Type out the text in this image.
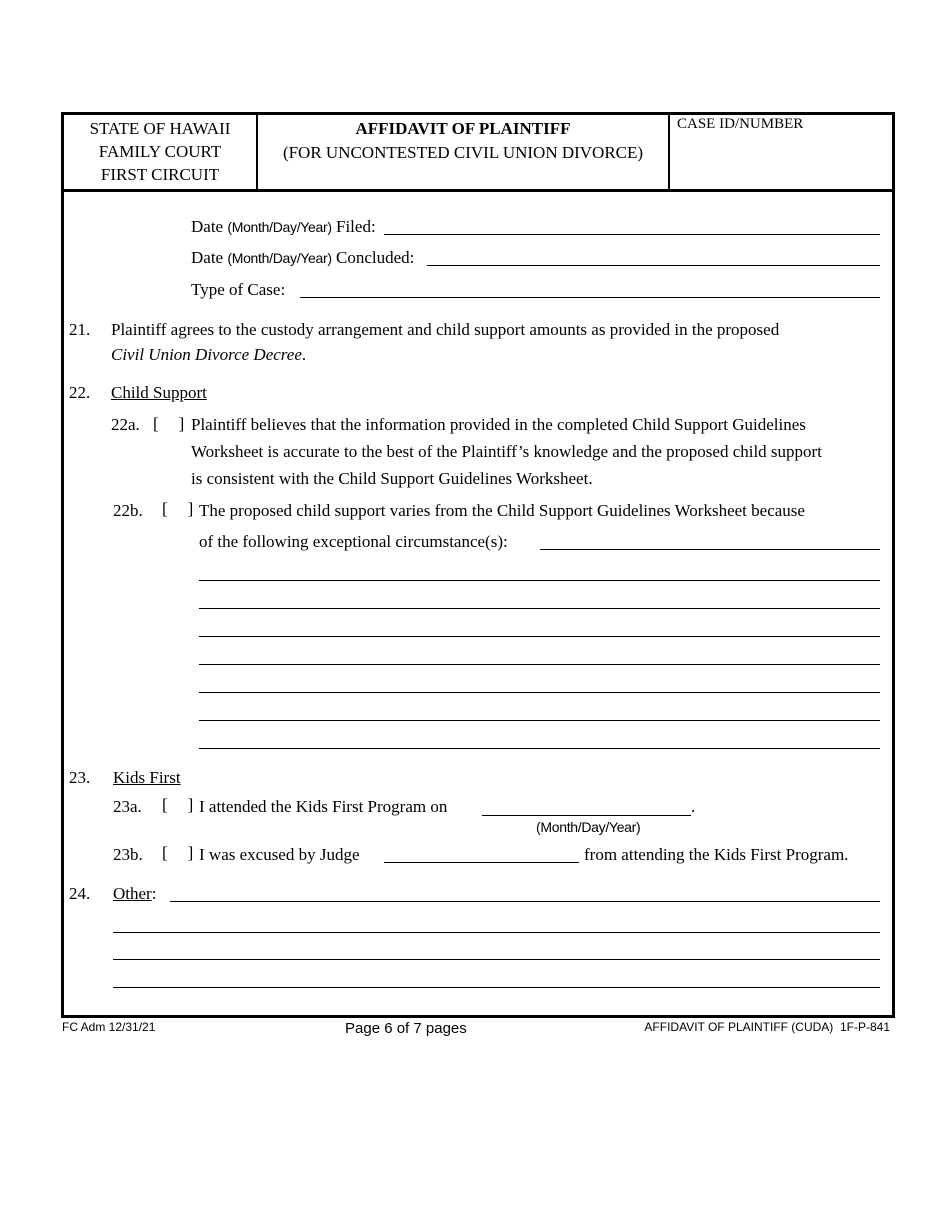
STATE OF HAWAII
FAMILY COURT
FIRST CIRCUIT
AFFIDAVIT OF PLAINTIFF
(FOR UNCONTESTED CIVIL UNION DIVORCE)
CASE ID/NUMBER
Date (Month/Day/Year) Filed:
Date (Month/Day/Year) Concluded:
Type of Case:
21. Plaintiff agrees to the custody arrangement and child support amounts as provided in the proposed
Civil Union Divorce Decree.
22. Child Support
22a. [ ] Plaintiff believes that the information provided in the completed Child Support Guidelines
Worksheet is accurate to the best of the Plaintiff’s knowledge and the proposed child support
is consistent with the Child Support Guidelines Worksheet.
22b. [ ] The proposed child support varies from the Child Support Guidelines Worksheet because
of the following exceptional circumstance(s):
23. Kids First
23a. [ ] I attended the Kids First Program on	.
(Month/Day/Year)
23b. [ ] I was excused by Judge	from attending the Kids First Program.
24. Other:
FC Adm 12/31/21	Page 6 of 7 pages	AFFIDAVIT OF PLAINTIFF (CUDA)  1F-P-841
